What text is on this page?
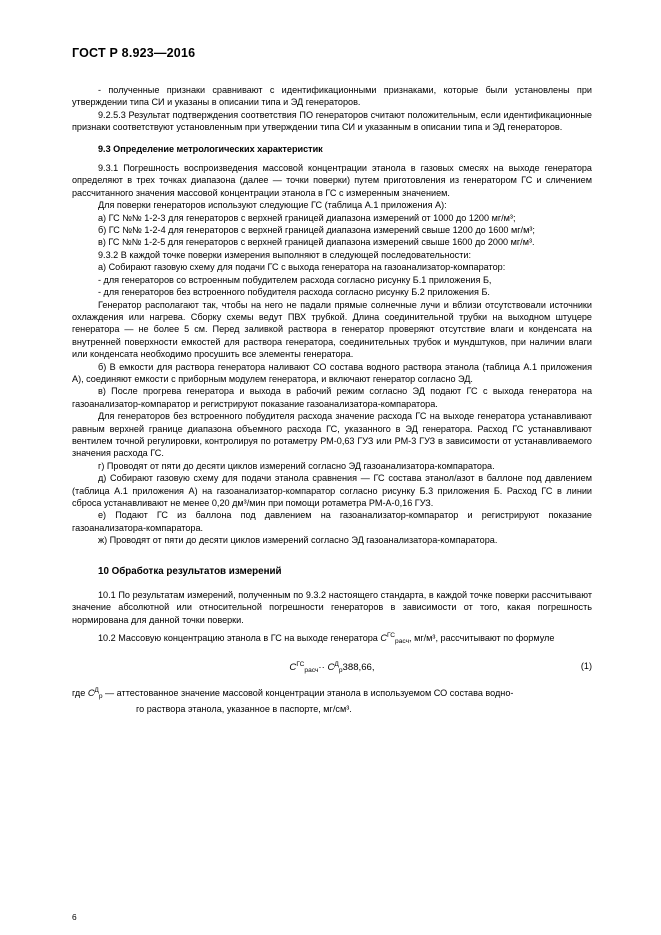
ГОСТ Р 8.923—2016

- полученные признаки сравнивают с идентификационными признаками, которые были установлены при утверждении типа СИ и указаны в описании типа и ЭД генераторов.

9.2.5.3 Результат подтверждения соответствия ПО генераторов считают положительным, если идентификационные признаки соответствуют установленным при утверждении типа СИ и указанным в описании типа и ЭД генераторов.

9.3 Определение метрологических характеристик

9.3.1 Погрешность воспроизведения массовой концентрации этанола в газовых смесях на выходе генератора определяют в трех точках диапазона (далее — точки поверки) путем приготовления из генератором ГС и сличением рассчитанного значения массовой концентрации этанола в ГС с измеренным значением.

Для поверки генераторов используют следующие ГС (таблица А.1 приложения А):

а) ГС №№ 1-2-3 для генераторов с верхней границей диапазона измерений от 1000 до 1200 мг/м³;

б) ГС №№ 1-2-4 для генераторов с верхней границей диапазона измерений свыше 1200 до 1600 мг/м³;

в) ГС №№ 1-2-5 для генераторов с верхней границей диапазона измерений свыше 1600 до 2000 мг/м³.

9.3.2 В каждой точке поверки измерения выполняют в следующей последовательности:

а) Собирают газовую схему для подачи ГС с выхода генератора на газоанализатор-компаратор:

- для генераторов со встроенным побудителем расхода согласно рисунку Б.1 приложения Б,

- для генераторов без встроенного побудителя расхода согласно рисунку Б.2 приложения Б.

Генератор располагают так, чтобы на него не падали прямые солнечные лучи и вблизи отсутствовали источники охлаждения или нагрева. Сборку схемы ведут ПВХ трубкой. Длина соединительной трубки на выходном штуцере генератора — не более 5 см. Перед заливкой раствора в генератор проверяют отсутствие влаги и конденсата на внутренней поверхности емкостей для раствора генератора, соединительных трубок и мундштуков, при наличии влаги или конденсата необходимо просушить все элементы генератора.

б) В емкости для раствора генератора наливают СО состава водного раствора этанола (таблица А.1 приложения А), соединяют емкости с приборным модулем генератора, и включают генератор согласно ЭД.

в) После прогрева генератора и выхода в рабочий режим согласно ЭД подают ГС с выхода генератора на газоанализатор-компаратор и регистрируют показание газоанализатора-компаратора.

Для генераторов без встроенного побудителя расхода значение расхода ГС на выходе генератора устанавливают равным верхней границе диапазона объемного расхода ГС, указанного в ЭД генератора. Расход ГС устанавливают вентилем точной регулировки, контролируя по ротаметру РМ-0,63 ГУЗ или РМ-3 ГУЗ в зависимости от устанавливаемого значения расхода ГС.

г) Проводят от пяти до десяти циклов измерений согласно ЭД газоанализатора-компаратора.

д) Собирают газовую схему для подачи этанола сравнения — ГС состава этанол/азот в баллоне под давлением (таблица А.1 приложения А) на газоанализатор-компаратор согласно рисунку Б.3 приложения Б. Расход ГС в линии сброса устанавливают не менее 0,20 дм³/мин при помощи ротаметра РМ-А-0,16 ГУЗ.

е) Подают ГС из баллона под давлением на газоанализатор-компаратор и регистрируют показание газоанализатора-компаратора.

ж) Проводят от пяти до десяти циклов измерений согласно ЭД газоанализатора-компаратора.

10 Обработка результатов измерений

10.1 По результатам измерений, полученным по 9.3.2 настоящего стандарта, в каждой точке поверки рассчитывают значение абсолютной или относительной погрешности генераторов в зависимости от того, какая погрешность нормирована для данной точки поверки.

10.2 Массовую концентрацию этанола в ГС на выходе генератора $C^{ГС}_{расч}$, мг/м³, рассчитывают по формуле

$C^{ГС}_{расч}\cdot\cdot C^Д_р388,66$,	(1)

где $C^Д_р$ — аттестованное значение массовой концентрации этанола в используемом СО состава водно-

го раствора этанола, указанное в паспорте, мг/см³.

6
